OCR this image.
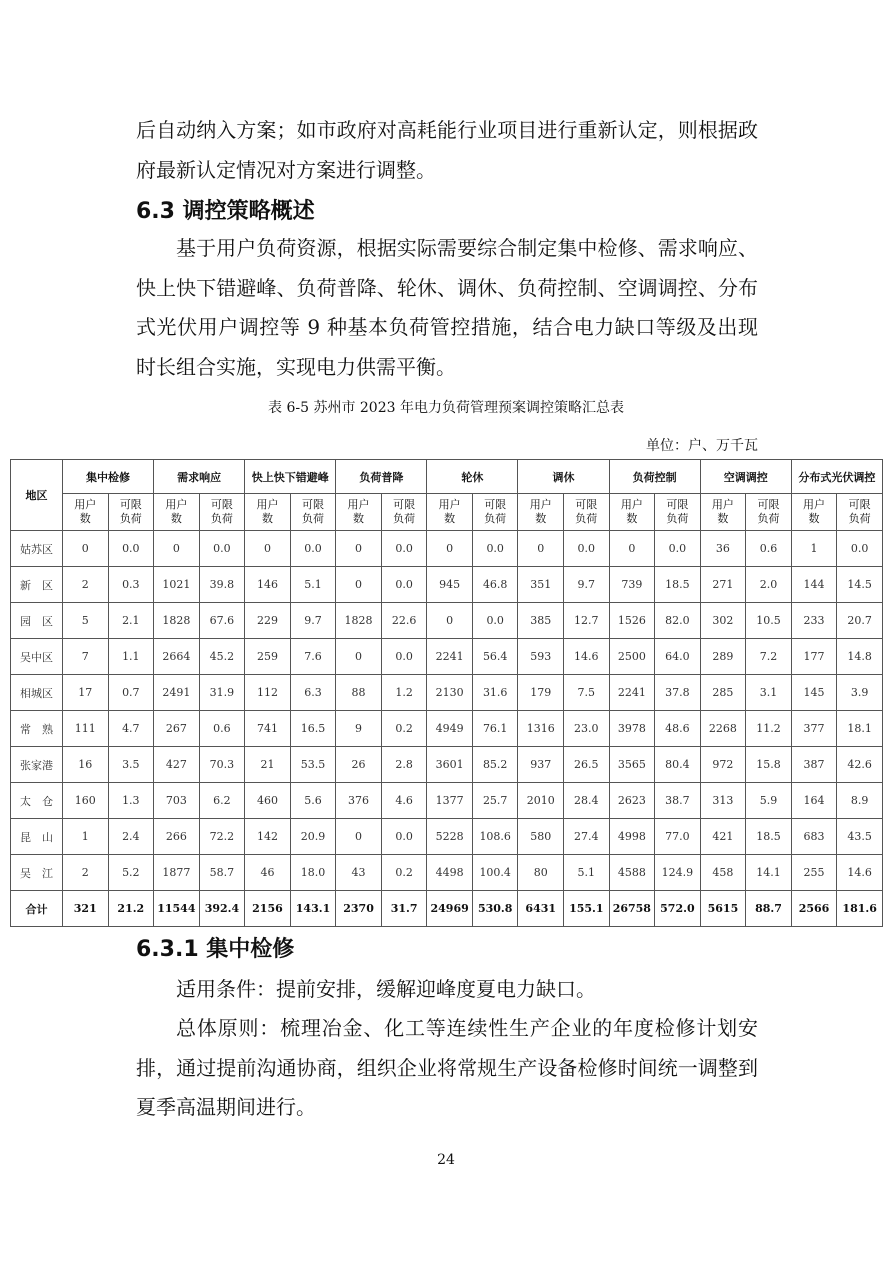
后自动纳入方案；如市政府对高耗能行业项目进行重新认定，则根据政府最新认定情况对方案进行调整。
6.3 调控策略概述
基于用户负荷资源，根据实际需要综合制定集中检修、需求响应、快上快下错避峰、负荷普降、轮休、调休、负荷控制、空调调控、分布式光伏用户调控等 9 种基本负荷管控措施，结合电力缺口等级及出现时长组合实施，实现电力供需平衡。
表 6-5 苏州市 2023 年电力负荷管理预案调控策略汇总表
单位：户、万千瓦
地区	集中检修		需求响应		快上快下错避峰		负荷普降		轮休		调休		负荷控制		空调调控		分布式光伏调控	
	用户数	可限负荷	用户数	可限负荷	用户数	可限负荷	用户数	可限负荷	用户数	可限负荷	用户数	可限负荷	用户数	可限负荷	用户数	可限负荷	用户数	可限负荷
姑苏区	0	0.0	0	0.0	0	0.0	0	0.0	0	0.0	0	0.0	0	0.0	36	0.6	1	0.0
新　区	2	0.3	1021	39.8	146	5.1	0	0.0	945	46.8	351	9.7	739	18.5	271	2.0	144	14.5
园　区	5	2.1	1828	67.6	229	9.7	1828	22.6	0	0.0	385	12.7	1526	82.0	302	10.5	233	20.7
吴中区	7	1.1	2664	45.2	259	7.6	0	0.0	2241	56.4	593	14.6	2500	64.0	289	7.2	177	14.8
相城区	17	0.7	2491	31.9	112	6.3	88	1.2	2130	31.6	179	7.5	2241	37.8	285	3.1	145	3.9
常　熟	111	4.7	267	0.6	741	16.5	9	0.2	4949	76.1	1316	23.0	3978	48.6	2268	11.2	377	18.1
张家港	16	3.5	427	70.3	21	53.5	26	2.8	3601	85.2	937	26.5	3565	80.4	972	15.8	387	42.6
太　仓	160	1.3	703	6.2	460	5.6	376	4.6	1377	25.7	2010	28.4	2623	38.7	313	5.9	164	8.9
昆　山	1	2.4	266	72.2	142	20.9	0	0.0	5228	108.6	580	27.4	4998	77.0	421	18.5	683	43.5
吴　江	2	5.2	1877	58.7	46	18.0	43	0.2	4498	100.4	80	5.1	4588	124.9	458	14.1	255	14.6
合计	321	21.2	11544	392.4	2156	143.1	2370	31.7	24969	530.8	6431	155.1	26758	572.0	5615	88.7	2566	181.6
6.3.1 集中检修
适用条件：提前安排，缓解迎峰度夏电力缺口。
总体原则：梳理冶金、化工等连续性生产企业的年度检修计划安排，通过提前沟通协商，组织企业将常规生产设备检修时间统一调整到夏季高温期间进行。
24
